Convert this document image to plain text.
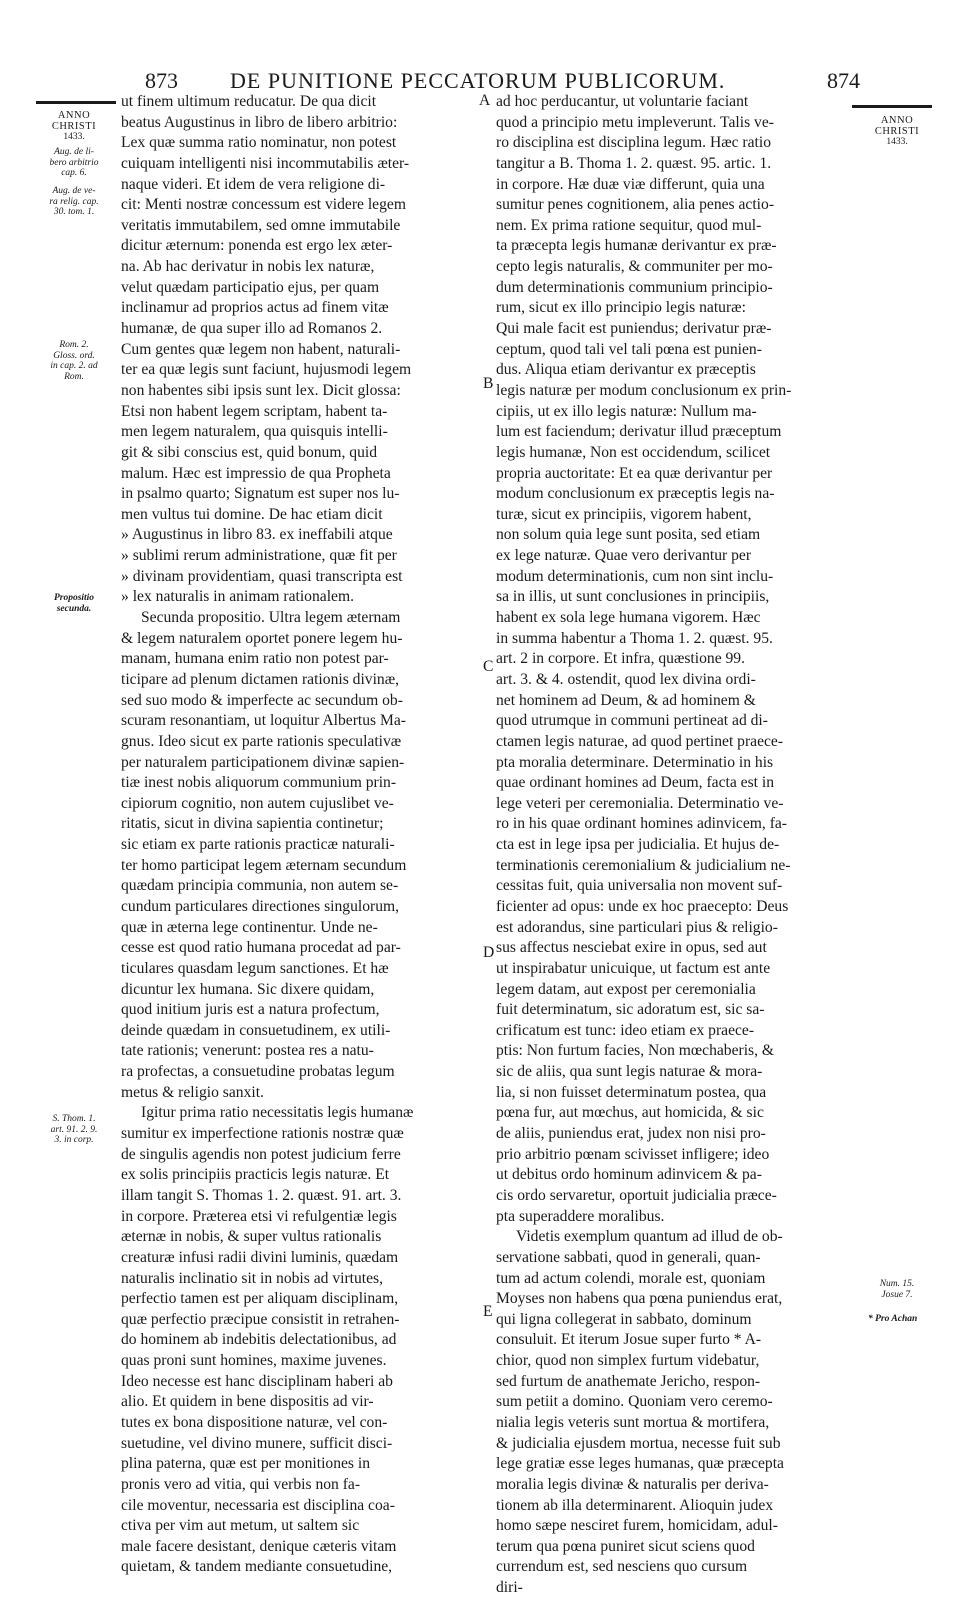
873 DE PUNITIONE PECCATORUM PUBLICORUM.	874
ANNO
CHRISTI
1433.
Aug. de li-
bero arbitrio
cap. 6.
Aug. de ve-
ra relig. cap.
30. tom. 1.
Rom. 2.
Gloss. ord.
in cap. 2. ad
Rom.
Propositio
secunda.
S. Thom. 1.
art. 91. 2. 9.
3. in corp.
ANNO
CHRISTI
1433.
Num. 15.
Josue 7.
* Pro Achan
A
B
C
D
E
ut finem ultimum reducatur. De qua dicit
beatus Augustinus in libro de libero arbitrio:
Lex quæ summa ratio nominatur, non potest
cuiquam intelligenti nisi incommutabilis æter-
naque videri. Et idem de vera religione di-
cit: Menti nostræ concessum est videre legem
veritatis immutabilem, sed omne immutabile
dicitur æternum: ponenda est ergo lex æter-
na. Ab hac derivatur in nobis lex naturæ,
velut quædam participatio ejus, per quam
inclinamur ad proprios actus ad finem vitæ
humanæ, de qua super illo ad Romanos 2.
Cum gentes quæ legem non habent, naturali-
ter ea quæ legis sunt faciunt, hujusmodi legem
non habentes sibi ipsis sunt lex. Dicit glossa:
Etsi non habent legem scriptam, habent ta-
men legem naturalem, qua quisquis intelli-
git & sibi conscius est, quid bonum, quid
malum. Hæc est impressio de qua Propheta
in psalmo quarto; Signatum est super nos lu-
men vultus tui domine. De hac etiam dicit
» Augustinus in libro 83. ex ineffabili atque
» sublimi rerum administratione, quæ fit per
» divinam providentiam, quasi transcripta est
» lex naturalis in animam rationalem.
Secunda propositio. Ultra legem æternam
& legem naturalem oportet ponere legem hu-
manam, humana enim ratio non potest par-
ticipare ad plenum dictamen rationis divinæ,
sed suo modo & imperfecte ac secundum ob-
scuram resonantiam, ut loquitur Albertus Ma-
gnus. Ideo sicut ex parte rationis speculativæ
per naturalem participationem divinæ sapien-
tiæ inest nobis aliquorum communium prin-
cipiorum cognitio, non autem cujuslibet ve-
ritatis, sicut in divina sapientia continetur;
sic etiam ex parte rationis practicæ naturali-
ter homo participat legem æternam secundum
quædam principia communia, non autem se-
cundum particulares directiones singulorum,
quæ in æterna lege continentur. Unde ne-
cesse est quod ratio humana procedat ad par-
ticulares quasdam legum sanctiones. Et hæ
dicuntur lex humana. Sic dixere quidam,
quod initium juris est a natura profectum,
deinde quædam in consuetudinem, ex utili-
tate rationis; venerunt: postea res a natu-
ra profectas, a consuetudine probatas legum
metus & religio sanxit.
Igitur prima ratio necessitatis legis humanæ
sumitur ex imperfectione rationis nostræ quæ
de singulis agendis non potest judicium ferre
ex solis principiis practicis legis naturæ. Et
illam tangit S. Thomas 1. 2. quæst. 91. art. 3.
in corpore. Præterea etsi vi refulgentiæ legis
æternæ in nobis, & super vultus rationalis
creaturæ infusi radii divini luminis, quædam
naturalis inclinatio sit in nobis ad virtutes,
perfectio tamen est per aliquam disciplinam,
quæ perfectio præcipue consistit in retrahen-
do hominem ab indebitis delectationibus, ad
quas proni sunt homines, maxime juvenes.
Ideo necesse est hanc disciplinam haberi ab
alio. Et quidem in bene dispositis ad vir-
tutes ex bona dispositione naturæ, vel con-
suetudine, vel divino munere, sufficit disci-
plina paterna, quæ est per monitiones in
pronis vero ad vitia, qui verbis non fa-
cile moventur, necessaria est disciplina coa-
ctiva per vim aut metum, ut saltem sic
male facere desistant, denique cæteris vitam
quietam, & tandem mediante consuetudine,
ad hoc perducantur, ut voluntarie faciant
quod a principio metu impleverunt. Talis ve-
ro disciplina est disciplina legum. Hæc ratio
tangitur a B. Thoma 1. 2. quæst. 95. artic. 1.
in corpore. Hæ duæ viæ differunt, quia una
sumitur penes cognitionem, alia penes actio-
nem. Ex prima ratione sequitur, quod mul-
ta præcepta legis humanæ derivantur ex præ-
cepto legis naturalis, & communiter per mo-
dum determinationis communium principio-
rum, sicut ex illo principio legis naturæ:
Qui male facit est puniendus; derivatur præ-
ceptum, quod tali vel tali pœna est punien-
dus. Aliqua etiam derivantur ex præceptis
legis naturæ per modum conclusionum ex prin-
cipiis, ut ex illo legis naturæ: Nullum ma-
lum est faciendum; derivatur illud præceptum
legis humanæ, Non est occidendum, scilicet
propria auctoritate: Et ea quæ derivantur per
modum conclusionum ex præceptis legis na-
turæ, sicut ex principiis, vigorem habent,
non solum quia lege sunt posita, sed etiam
ex lege naturæ. Quae vero derivantur per
modum determinationis, cum non sint inclu-
sa in illis, ut sunt conclusiones in principiis,
habent ex sola lege humana vigorem. Hæc
in summa habentur a Thoma 1. 2. quæst. 95.
art. 2 in corpore. Et infra, quæstione 99.
art. 3. & 4. ostendit, quod lex divina ordi-
net hominem ad Deum, & ad hominem &
quod utrumque in communi pertineat ad di-
ctamen legis naturae, ad quod pertinet praece-
pta moralia determinare. Determinatio in his
quae ordinant homines ad Deum, facta est in
lege veteri per ceremonialia. Determinatio ve-
ro in his quae ordinant homines adinvicem, fa-
cta est in lege ipsa per judicialia. Et hujus de-
terminationis ceremonialium & judicialium ne-
cessitas fuit, quia universalia non movent suf-
ficienter ad opus: unde ex hoc praecepto: Deus
est adorandus, sine particulari pius & religio-
sus affectus nesciebat exire in opus, sed aut
ut inspirabatur unicuique, ut factum est ante
legem datam, aut expost per ceremonialia
fuit determinatum, sic adoratum est, sic sa-
crificatum est tunc: ideo etiam ex praece-
ptis: Non furtum facies, Non mœchaberis, &
sic de aliis, qua sunt legis naturae & mora-
lia, si non fuisset determinatum postea, qua
pœna fur, aut mœchus, aut homicida, & sic
de aliis, puniendus erat, judex non nisi pro-
prio arbitrio pœnam scivisset infligere; ideo
ut debitus ordo hominum adinvicem & pa-
cis ordo servaretur, oportuit judicialia præce-
pta superaddere moralibus.
Videtis exemplum quantum ad illud de ob-
servatione sabbati, quod in generali, quan-
tum ad actum colendi, morale est, quoniam
Moyses non habens qua pœna puniendus erat,
qui ligna collegerat in sabbato, dominum
consuluit. Et iterum Josue super furto * A-
chior, quod non simplex furtum videbatur,
sed furtum de anathemate Jericho, respon-
sum petiit a domino. Quoniam vero ceremo-
nialia legis veteris sunt mortua & mortifera,
& judicialia ejusdem mortua, necesse fuit sub
lege gratiæ esse leges humanas, quæ præcepta
moralia legis divinæ & naturalis per deriva-
tionem ab illa determinarent. Alioquin judex
homo sæpe nesciret furem, homicidam, adul-
terum qua pœna puniret sicut sciens quod
currendum est, sed nesciens quo cursum
diri-
